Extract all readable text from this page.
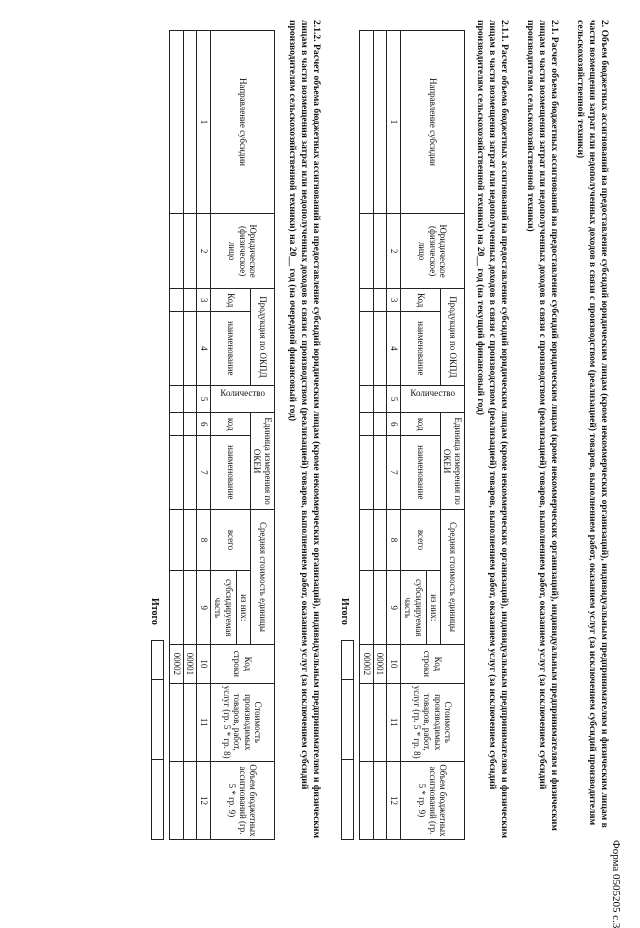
Форма 0505205 с.3
2. Объем бюджетных ассигнований на предоставление субсидий юридическим лицам (кроме некоммерческих организаций), индивидуальным предпринимателям и физическим лицам в части возмещения затрат или недополученных доходов в связи с производством (реализацией) товаров, выполнением работ, оказанием услуг (за исключением субсидий производителям сельскохозяйственной техники)
2.1. Расчет объема бюджетных ассигнований на предоставление субсидий юридическим лицам (кроме некоммерческих организаций), индивидуальным предпринимателям и физическим лицам в части возмещения затрат или недополученных доходов в связи с производством (реализацией) товаров, выполнением работ, оказанием услуг (за исключением субсидий производителям сельскохозяйственной техники)
2.1.1. Расчет объема бюджетных ассигнований на предоставление субсидий юридическим лицам (кроме некоммерческих организаций), индивидуальным предпринимателям и физическим лицам в части возмещения затрат или недополученных доходов в связи с производством (реализацией) товаров, выполнением работ, оказанием услуг (за исключением субсидий производителям сельскохозяйственной техники) на 20__ год (на текущий финансовый год)
Направление субсидии	Юридическое (физическое) лицо	Продукция по ОКПД		Количество	Единица измерения по ОКЕИ		Средняя стоимость единицы		Код строки	Стоимость производимых товаров, работ, услуг (гр. 5 * гр. 8)	Объем бюджетных ассигнований (гр. 5 * гр. 9)
		Код	наименование		код	наименование	всего	из них:			
								субсидируемая часть			
1	2	3	4	5	6	7	8	9	10	11	12
									00001		
									00002		
Итого

2.1.2. Расчет объема бюджетных ассигнований на предоставление субсидий юридическим лицам (кроме некоммерческих организаций), индивидуальным предпринимателям и физическим лицам в части возмещения затрат или недополученных доходов в связи с производством (реализацией) товаров, выполнением работ, оказанием услуг (за исключением субсидий производителям сельскохозяйственной техники) на 20__ год (на очередной финансовый год)
Направление субсидии	Юридическое (физическое) лицо	Продукция по ОКПД		Количество	Единица измерения по ОКЕИ		Средняя стоимость единицы		Код строки	Стоимость производимых товаров, работ, услуг (гр. 5 * гр. 8)	Объем бюджетных ассигнований (гр. 5 * гр. 9)
		Код	наименование		код	наименование	всего	из них:			
								субсидируемая часть			
1	2	3	4	5	6	7	8	9	10	11	12
									00001		
									00002		
Итого
